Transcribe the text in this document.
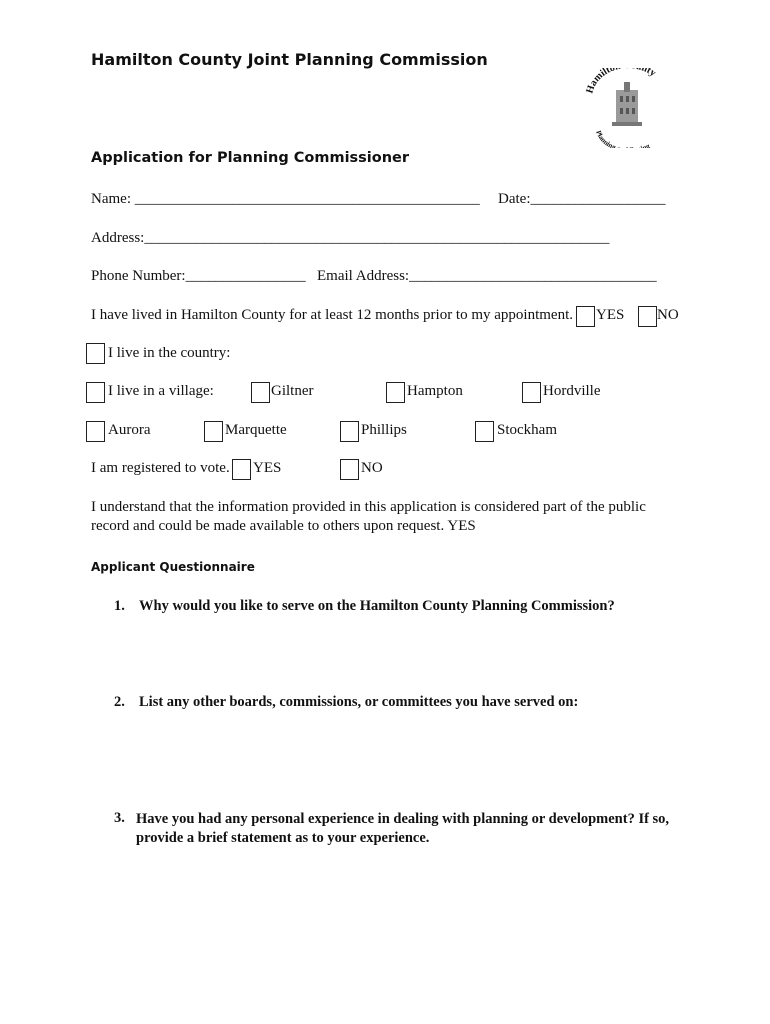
Hamilton County Joint Planning Commission
Hamilto nty
Planning ng
Application for Planning Commissioner
Name: ______________________________________________ Date:__________________
Address:______________________________________________________________
Phone Number:________________ Email Address:_________________________________
I have lived in Hamilton County for at least 12 months prior to my appointment. YES NO
I live in the country:
I live in a village:	Giltner	Hampton	Hordville
Aurora	Marquette	Phillips	Stockham
I am registered to vote. YES	NO
I understand that the information provided in this application is considered part of the public record and could be made available to others upon request. YES
Applicant Questionnaire
1. Why would you like to serve on the Hamilton County Planning Commission?
2. List any other boards, commissions, or committees you have served on:
3. Have you had any personal experience in dealing with planning or development? If so, provide a brief statement as to your experience.
